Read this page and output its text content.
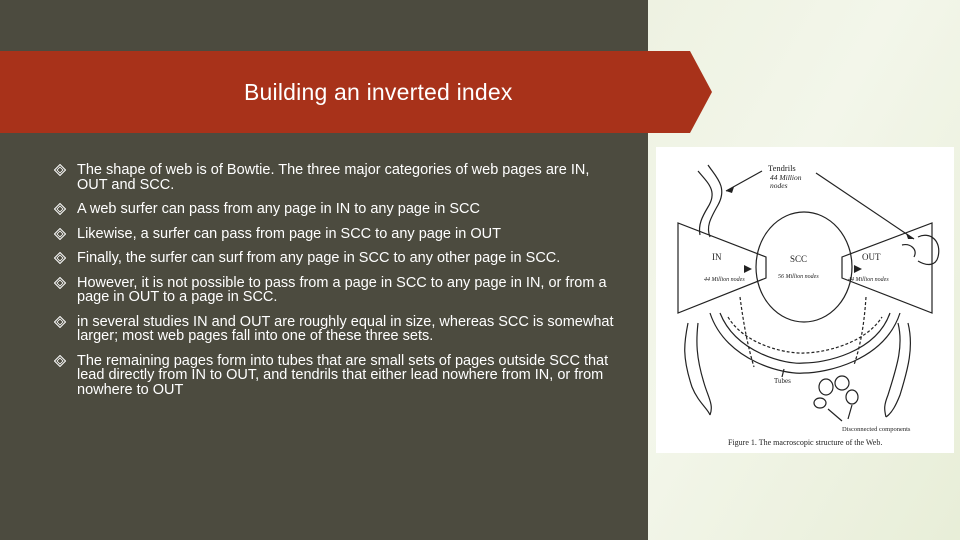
Building an inverted index
The shape of web is of Bowtie. The three major categories of web pages are IN, OUT and SCC.
A web surfer can pass from any page in IN to any page in SCC
Likewise, a surfer can pass from page in SCC to any page in OUT
Finally, the surfer can surf from any page in SCC to any other page in SCC.
However, it is not possible to pass from a page in SCC to any page in IN, or from a page in OUT to a page in SCC.
in several studies IN and OUT are roughly equal in size, whereas SCC is somewhat larger; most web pages fall into one of these three sets.
The remaining pages form into tubes that are small sets of pages outside SCC that lead directly from IN to OUT, and tendrils that either lead nowhere from IN, or from nowhere to OUT
Tendrils
44 Million
nodes
IN
44 Million nodes
SCC
56 Million nodes
OUT
44 Million nodes
Tubes
Disconnected components
Figure 1. The macroscopic structure of the Web.
